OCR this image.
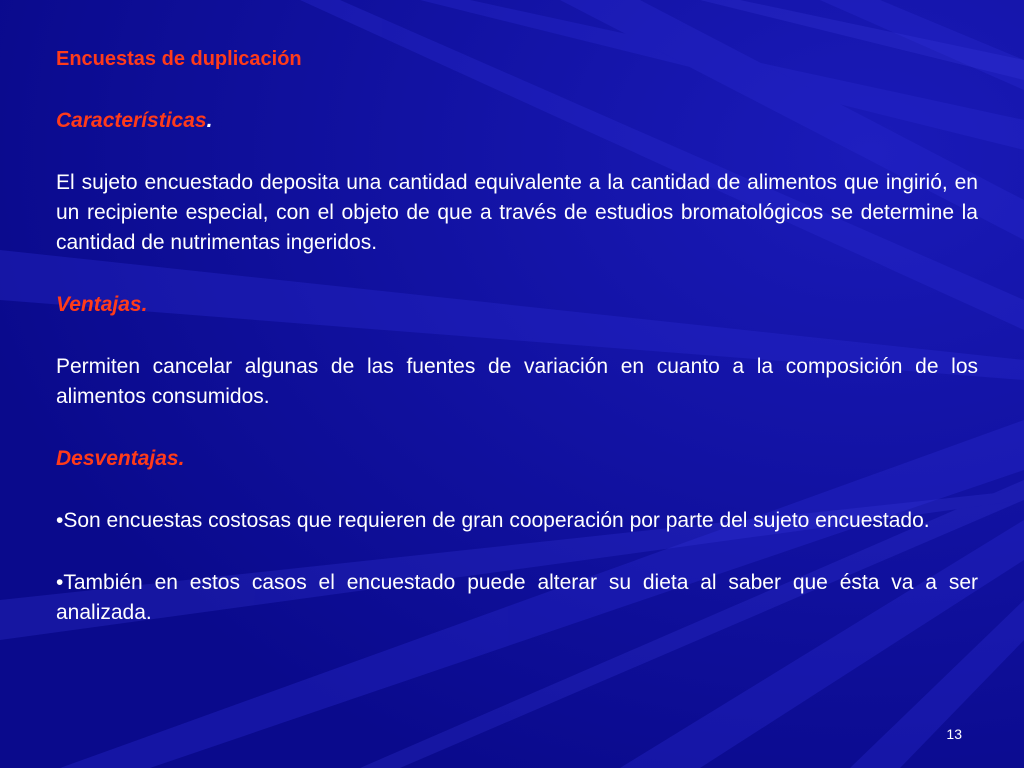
Encuestas de duplicación

Características.

El sujeto encuestado deposita una cantidad equivalente a la cantidad de alimentos que ingirió, en un recipiente especial, con el objeto de que a través de estudios bromatológicos se determine la cantidad de nutrimentas ingeridos.

Ventajas.

Permiten cancelar algunas de las fuentes de variación en cuanto a la composición de los alimentos consumidos.

Desventajas.

•Son encuestas costosas que requieren de gran cooperación por parte del sujeto encuestado.

•También en estos casos el encuestado puede alterar su dieta al saber que ésta va a ser analizada.

13
